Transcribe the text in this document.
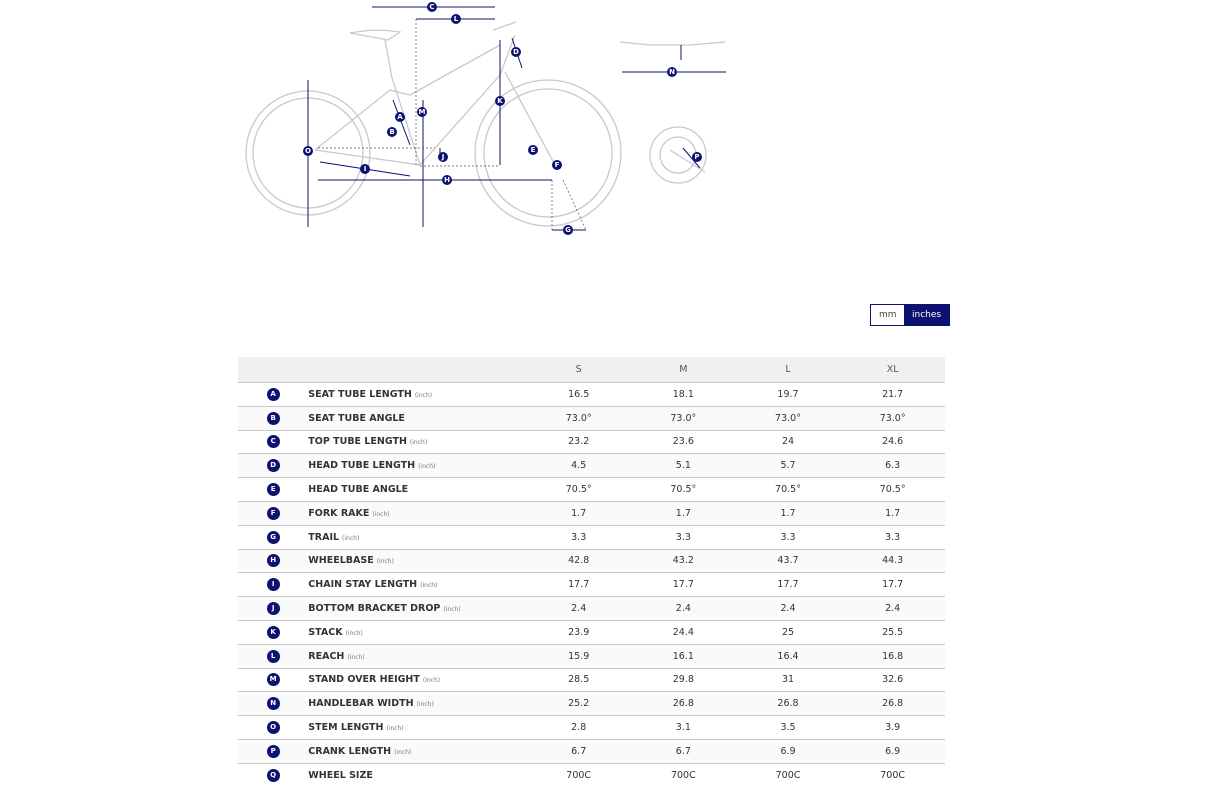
A
B
C
D
E
F
G
H
I
J
K
L
M
N
O
P
mm	inches
		S	M	L	XL
A	SEAT TUBE LENGTH (inch)	16.5	18.1	19.7	21.7
B	SEAT TUBE ANGLE	73.0°	73.0°	73.0°	73.0°
C	TOP TUBE LENGTH (inch)	23.2	23.6	24	24.6
D	HEAD TUBE LENGTH (inch)	4.5	5.1	5.7	6.3
E	HEAD TUBE ANGLE	70.5°	70.5°	70.5°	70.5°
F	FORK RAKE (inch)	1.7	1.7	1.7	1.7
G	TRAIL (inch)	3.3	3.3	3.3	3.3
H	WHEELBASE (inch)	42.8	43.2	43.7	44.3
I	CHAIN STAY LENGTH (inch)	17.7	17.7	17.7	17.7
J	BOTTOM BRACKET DROP (inch)	2.4	2.4	2.4	2.4
K	STACK (inch)	23.9	24.4	25	25.5
L	REACH (inch)	15.9	16.1	16.4	16.8
M	STAND OVER HEIGHT (inch)	28.5	29.8	31	32.6
N	HANDLEBAR WIDTH (inch)	25.2	26.8	26.8	26.8
O	STEM LENGTH (inch)	2.8	3.1	3.5	3.9
P	CRANK LENGTH (inch)	6.7	6.7	6.9	6.9
Q	WHEEL SIZE	700C	700C	700C	700C
